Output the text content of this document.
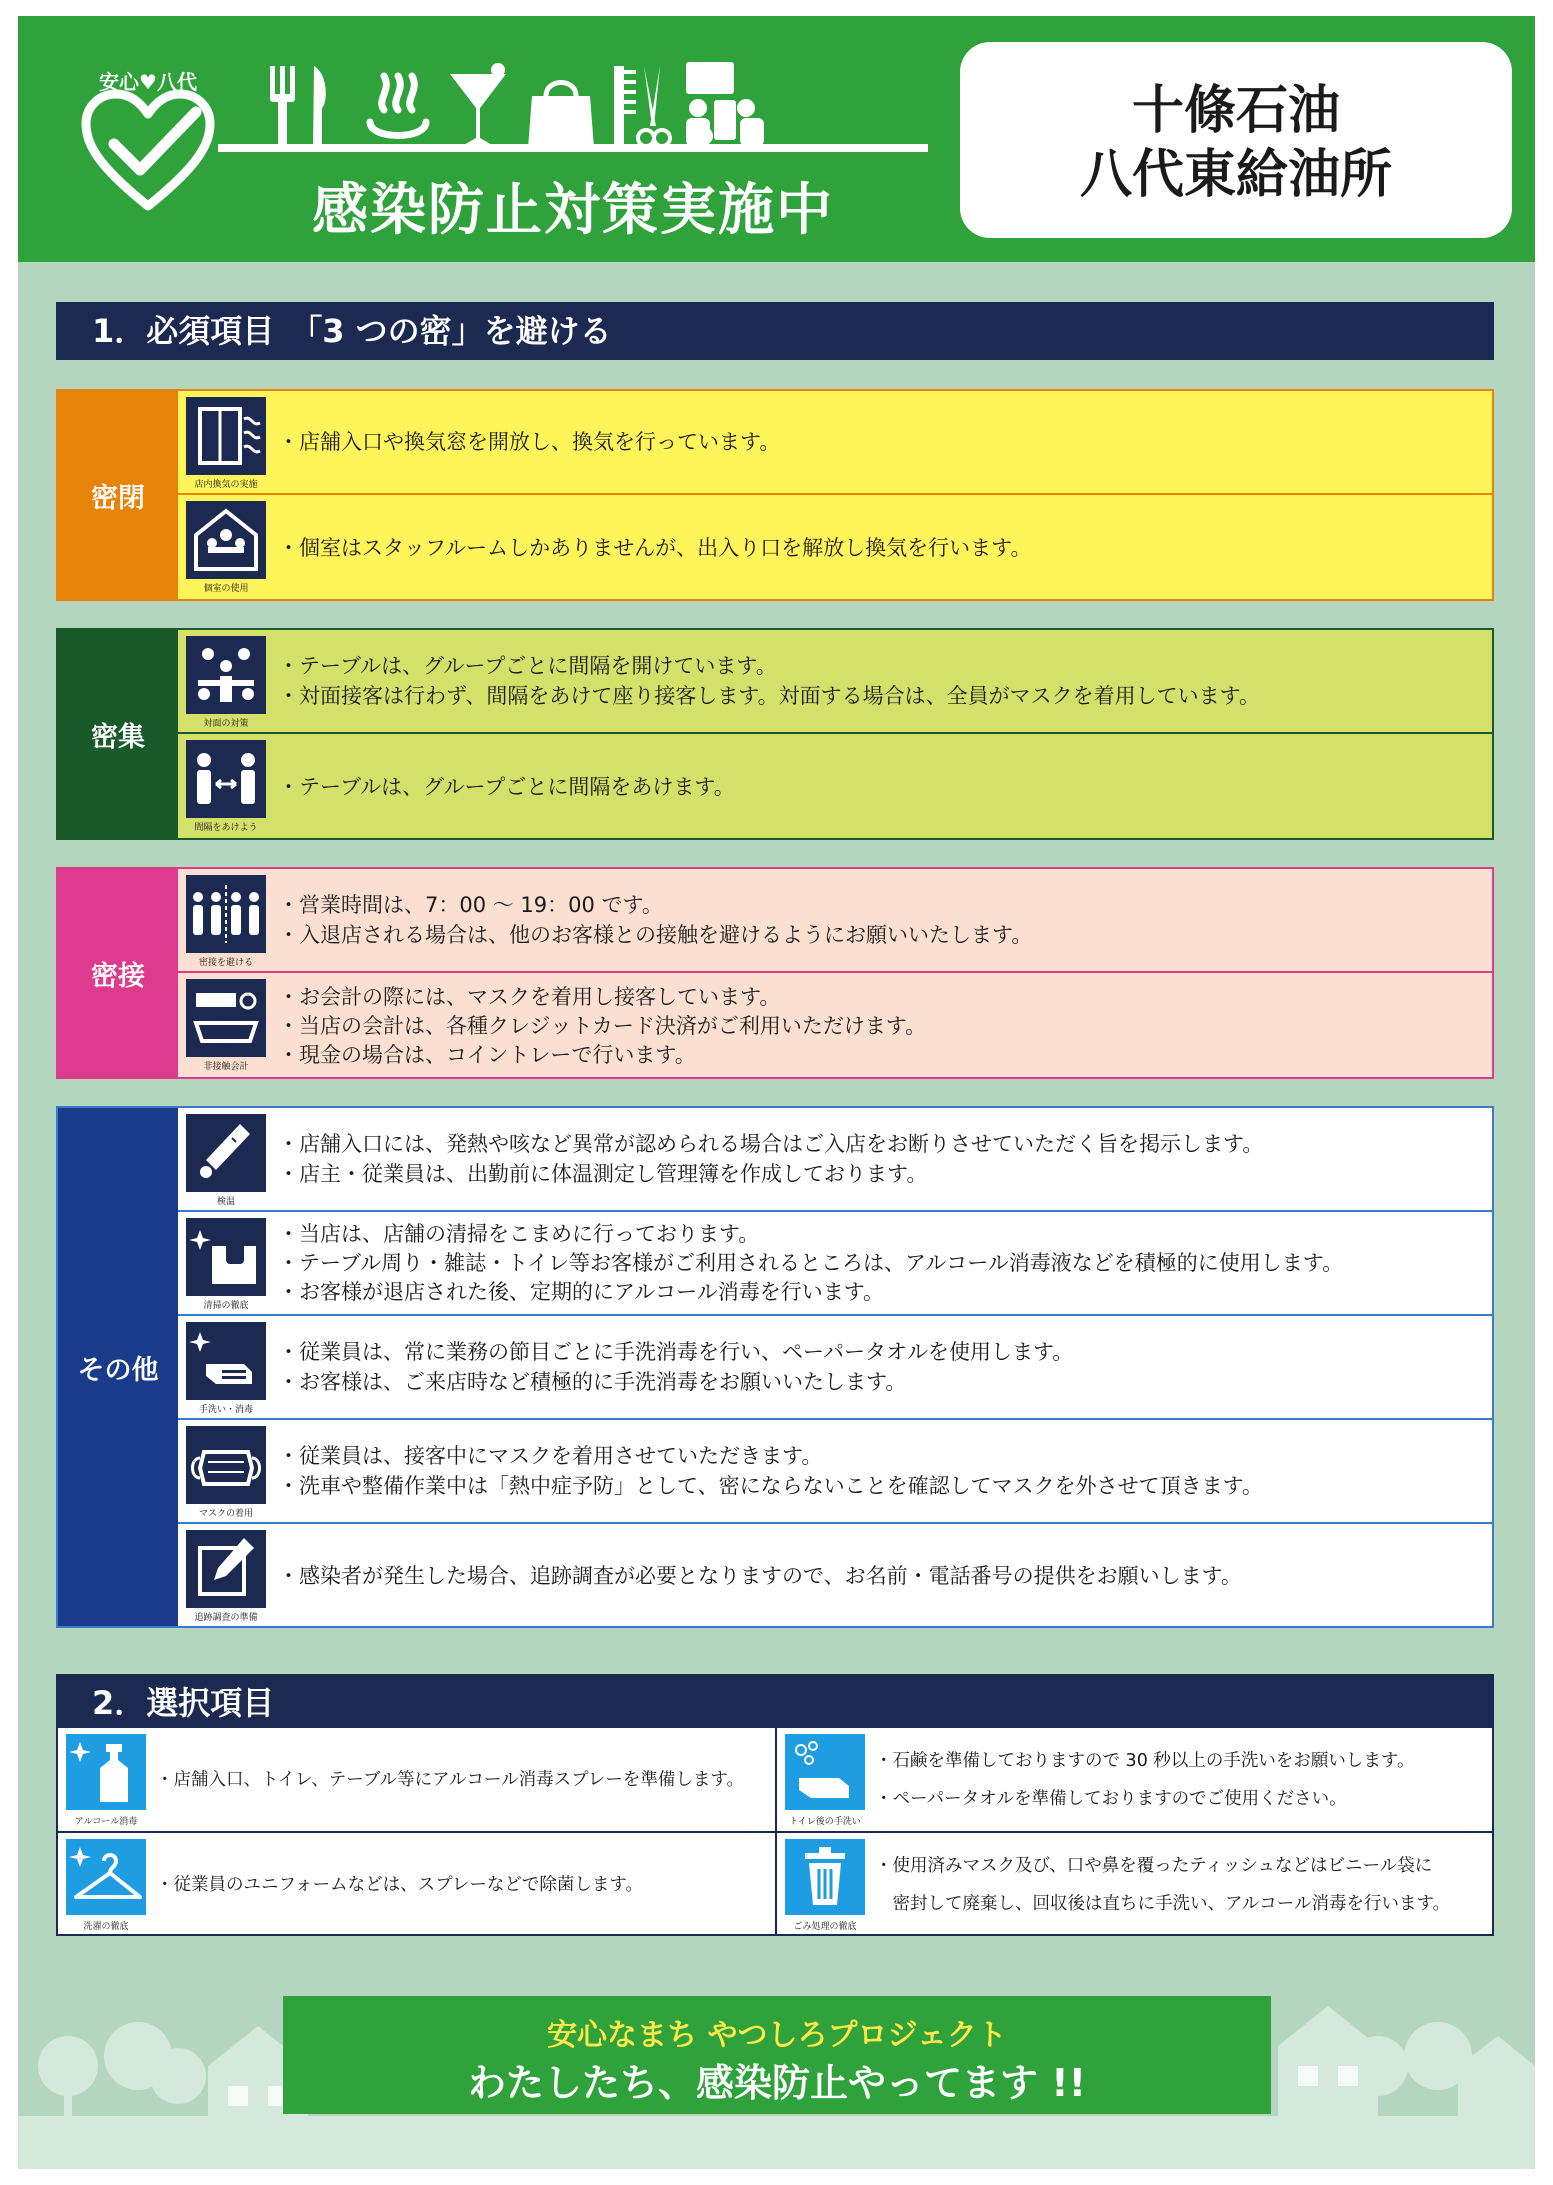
安心♥八代
感染防止対策実施中
十條石油
八代東給油所
1．必須項目　「3 つの密」を避ける
密閉	店内換気の実施
・店舗入口や換気窓を開放し、換気を行っています。
個室の使用
・個室はスタッフルームしかありませんが、出入り口を解放し換気を行います。
密集	対面の対策
・テーブルは、グループごとに間隔を開けています。
・対面接客は行わず、間隔をあけて座り接客します。対面する場合は、全員がマスクを着用しています。
間隔をあけよう
・テーブルは、グループごとに間隔をあけます。
密接	密接を避ける
・営業時間は、7：00 ～ 19：00 です。
・入退店される場合は、他のお客様との接触を避けるようにお願いいたします。
非接触会計
・お会計の際には、マスクを着用し接客しています。
・当店の会計は、各種クレジットカード決済がご利用いただけます。
・現金の場合は、コイントレーで行います。
その他
検温
・店舗入口には、発熱や咳など異常が認められる場合はご入店をお断りさせていただく旨を掲示します。
・店主・従業員は、出勤前に体温測定し管理簿を作成しております。
清掃の徹底
・当店は、店舗の清掃をこまめに行っております。
・テーブル周り・雑誌・トイレ等お客様がご利用されるところは、アルコール消毒液などを積極的に使用します。
・お客様が退店された後、定期的にアルコール消毒を行います。
手洗い・消毒
・従業員は、常に業務の節目ごとに手洗消毒を行い、ペーパータオルを使用します。
・お客様は、ご来店時など積極的に手洗消毒をお願いいたします。
マスクの着用
・従業員は、接客中にマスクを着用させていただきます。
・洗車や整備作業中は「熱中症予防」として、密にならないことを確認してマスクを外させて頂きます。
追跡調査の準備
・感染者が発生した場合、追跡調査が必要となりますので、お名前・電話番号の提供をお願いします。
2．選択項目
アルコール消毒
・店舗入口、トイレ、テーブル等にアルコール消毒スプレーを準備します。
トイレ後の手洗い
・石鹸を準備しておりますので 30 秒以上の手洗いをお願いします。
・ペーパータオルを準備しておりますのでご使用ください。
洗濯の徹底
・従業員のユニフォームなどは、スプレーなどで除菌します。
ごみ処理の徹底
・使用済みマスク及び、口や鼻を覆ったティッシュなどはビニール袋に
　密封して廃棄し、回収後は直ちに手洗い、アルコール消毒を行います。
安心なまち やつしろプロジェクト
わたしたち、感染防止やってます !!
